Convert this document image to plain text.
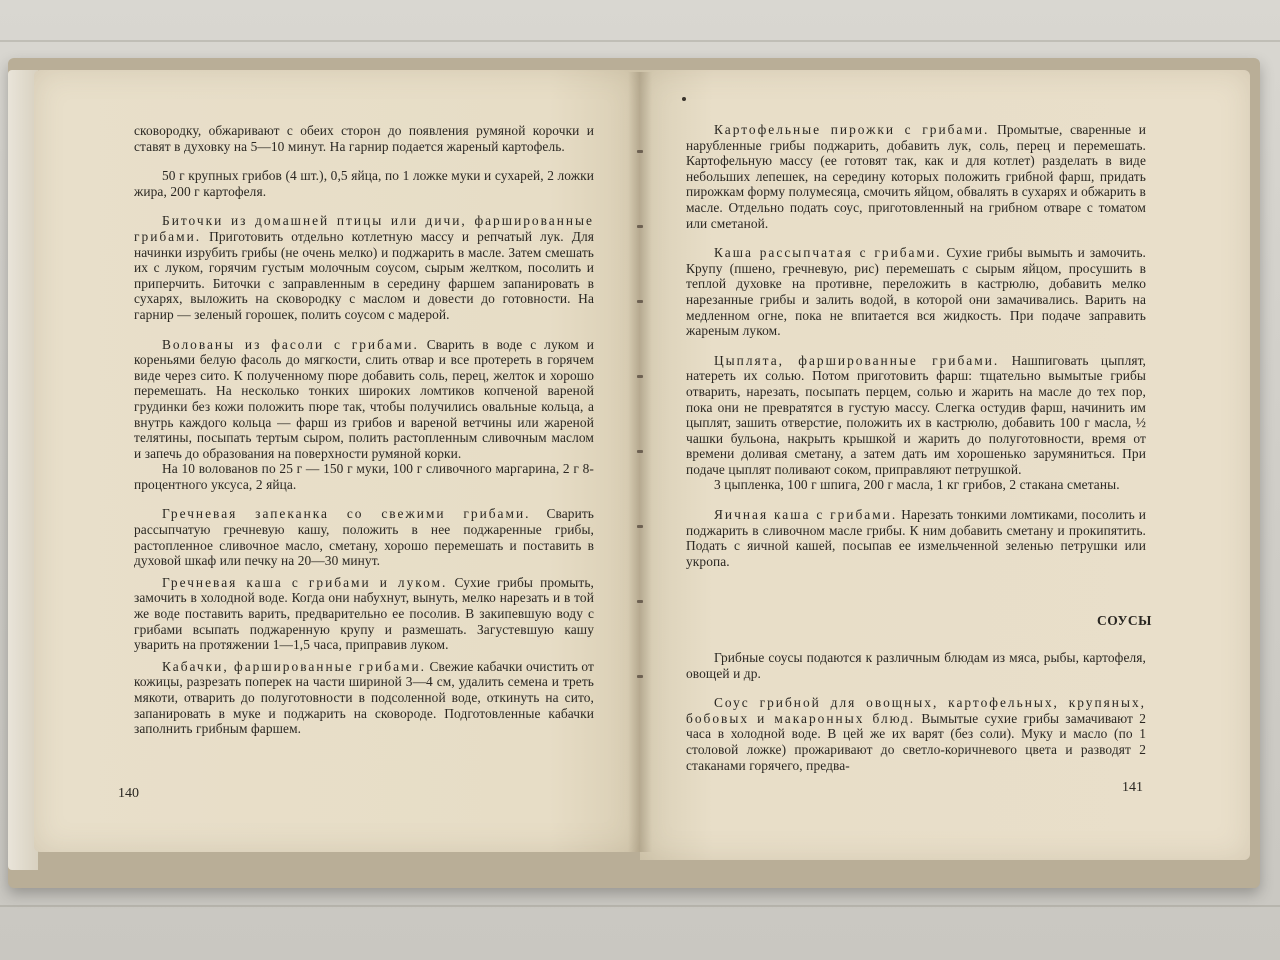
сковородку, обжаривают с обеих сторон до появления румяной корочки и ставят в духовку на 5—10 минут. На гарнир подается жареный картофель.

50 г крупных грибов (4 шт.), 0,5 яйца, по 1 ложке муки и сухарей, 2 ложки жира, 200 г картофеля.

Биточки из домашней птицы или дичи, фаршированные грибами. Приготовить отдельно котлетную массу и репчатый лук. Для начинки изрубить грибы (не очень мелко) и поджарить в масле. Затем смешать их с луком, горячим густым молочным соусом, сырым желтком, посолить и приперчить. Биточки с заправленным в середину фаршем запанировать в сухарях, выложить на сковородку с маслом и довести до готовности. На гарнир — зеленый горошек, полить соусом с мадерой.

Волованы из фасоли с грибами. Сварить в воде с луком и кореньями белую фасоль до мягкости, слить отвар и все протереть в горячем виде через сито. К полученному пюре добавить соль, перец, желток и хорошо перемешать. На несколько тонких широких ломтиков копченой вареной грудинки без кожи положить пюре так, чтобы получились овальные кольца, а внутрь каждого кольца — фарш из грибов и вареной ветчины или жареной телятины, посыпать тертым сыром, полить растопленным сливочным маслом и запечь до образования на поверхности румяной корки.

На 10 волованов по 25 г — 150 г муки, 100 г сливочного маргарина, 2 г 8-процентного уксуса, 2 яйца.

Гречневая запеканка со свежими грибами. Сварить рассыпчатую гречневую кашу, положить в нее поджаренные грибы, растопленное сливочное масло, сметану, хорошо перемешать и поставить в духовой шкаф или печку на 20—30 минут.

Гречневая каша с грибами и луком. Сухие грибы промыть, замочить в холодной воде. Когда они набухнут, вынуть, мелко нарезать и в той же воде поставить варить, предварительно ее посолив. В закипевшую воду с грибами всыпать поджаренную крупу и размешать. Загустевшую кашу уварить на протяжении 1—1,5 часа, приправив луком.

Кабачки, фаршированные грибами. Свежие кабачки очистить от кожицы, разрезать поперек на части шириной 3—4 см, удалить семена и треть мякоти, отварить до полуготовности в подсоленной воде, откинуть на сито, запанировать в муке и поджарить на сковороде. Подготовленные кабачки заполнить грибным фаршем.

140

Картофельные пирожки с грибами. Промытые, сваренные и нарубленные грибы поджарить, добавить лук, соль, перец и перемешать. Картофельную массу (ее готовят так, как и для котлет) разделать в виде небольших лепешек, на середину которых положить грибной фарш, придать пирожкам форму полумесяца, смочить яйцом, обвалять в сухарях и обжарить в масле. Отдельно подать соус, приготовленный на грибном отваре с томатом или сметаной.

Каша рассыпчатая с грибами. Сухие грибы вымыть и замочить. Крупу (пшено, гречневую, рис) перемешать с сырым яйцом, просушить в теплой духовке на противне, переложить в кастрюлю, добавить мелко нарезанные грибы и залить водой, в которой они замачивались. Варить на медленном огне, пока не впитается вся жидкость. При подаче заправить жареным луком.

Цыплята, фаршированные грибами. Нашпиговать цыплят, натереть их солью. Потом приготовить фарш: тщательно вымытые грибы отварить, нарезать, посыпать перцем, солью и жарить на масле до тех пор, пока они не превратятся в густую массу. Слегка остудив фарш, начинить им цыплят, зашить отверстие, положить их в кастрюлю, добавить 100 г масла, ½ чашки бульона, накрыть крышкой и жарить до полуготовности, время от времени доливая сметану, а затем дать им хорошенько зарумяниться. При подаче цыплят поливают соком, приправляют петрушкой.

3 цыпленка, 100 г шпига, 200 г масла, 1 кг грибов, 2 стакана сметаны.

Яичная каша с грибами. Нарезать тонкими ломтиками, посолить и поджарить в сливочном масле грибы. К ним добавить сметану и прокипятить. Подать с яичной кашей, посыпав ее измельченной зеленью петрушки или укропа.

СОУСЫ

Грибные соусы подаются к различным блюдам из мяса, рыбы, картофеля, овощей и др.

Соус грибной для овощных, картофельных, крупяных, бобовых и макаронных блюд. Вымытые сухие грибы замачивают 2 часа в холодной воде. В цей же их варят (без соли). Муку и масло (по 1 столовой ложке) прожаривают до светло-коричневого цвета и разводят 2 стаканами горячего, предва-

141
